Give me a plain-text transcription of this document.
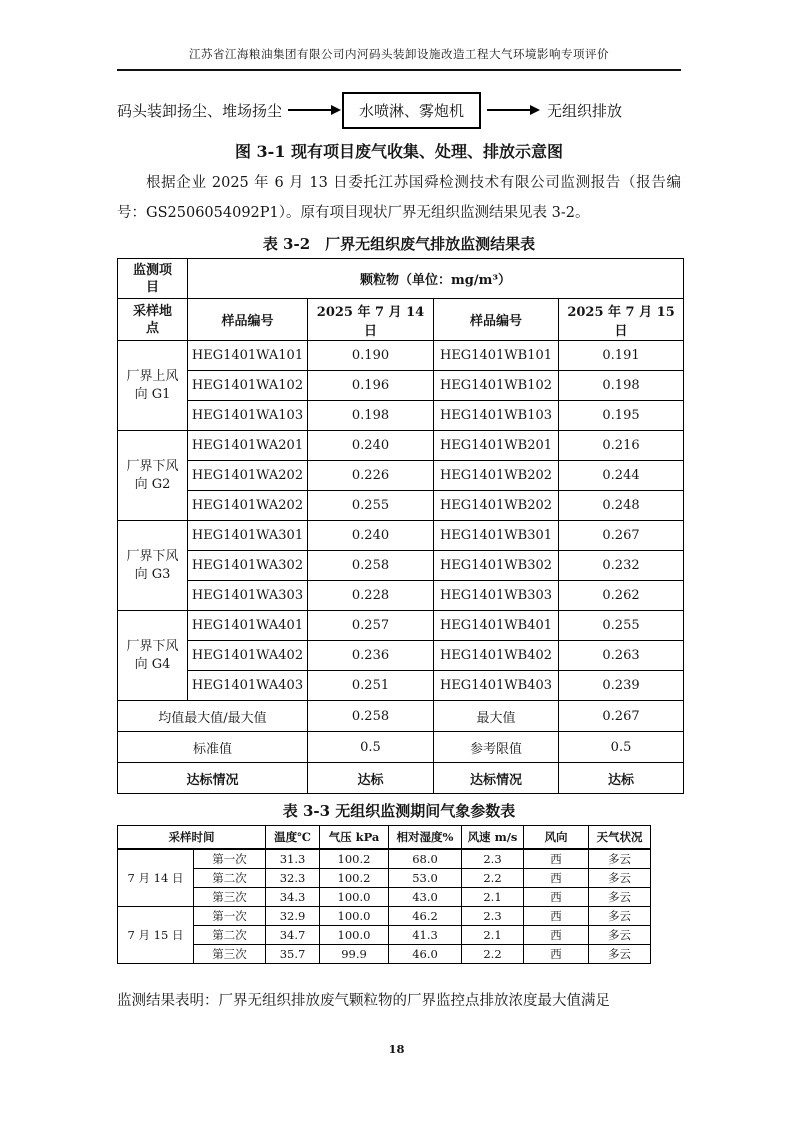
江苏省江海粮油集团有限公司内河码头装卸设施改造工程大气环境影响专项评价
码头装卸扬尘、堆场扬尘	水喷淋、雾炮机	无组织排放
图 3-1 现有项目废气收集、处理、排放示意图

根据企业 2025 年 6 月 13 日委托江苏国舜检测技术有限公司监测报告（报告编号：GS2506054092P1）。原有项目现状厂界无组织监测结果见表 3-2。

表 3-2　厂界无组织废气排放监测结果表
监测项目	颗粒物（单位：mg/m³）			
采样地点	样品编号	2025 年 7 月 14 日	样品编号	2025 年 7 月 15 日
厂界上风向 G1	HEG1401WA101	0.190	HEG1401WB101	0.191
	HEG1401WA102	0.196	HEG1401WB102	0.198
	HEG1401WA103	0.198	HEG1401WB103	0.195
厂界下风向 G2	HEG1401WA201	0.240	HEG1401WB201	0.216
	HEG1401WA202	0.226	HEG1401WB202	0.244
	HEG1401WA202	0.255	HEG1401WB202	0.248
厂界下风向 G3	HEG1401WA301	0.240	HEG1401WB301	0.267
	HEG1401WA302	0.258	HEG1401WB302	0.232
	HEG1401WA303	0.228	HEG1401WB303	0.262
厂界下风向 G4	HEG1401WA401	0.257	HEG1401WB401	0.255
	HEG1401WA402	0.236	HEG1401WB402	0.263
	HEG1401WA403	0.251	HEG1401WB403	0.239
均值最大值/最大值		0.258	最大值	0.267
标准值		0.5	参考限值	0.5
达标情况		达标	达标情况	达标
表 3-3 无组织监测期间气象参数表
采样时间		温度℃	气压 kPa	相对湿度%	风速 m/s	风向	天气状况
7 月 14 日	第一次	31.3	100.2	68.0	2.3	西	多云
	第二次	32.3	100.2	53.0	2.2	西	多云
	第三次	34.3	100.0	43.0	2.1	西	多云
7 月 15 日	第一次	32.9	100.0	46.2	2.3	西	多云
	第二次	34.7	100.0	41.3	2.1	西	多云
	第三次	35.7	99.9	46.0	2.2	西	多云

监测结果表明：厂界无组织排放废气颗粒物的厂界监控点排放浓度最大值满足

18
